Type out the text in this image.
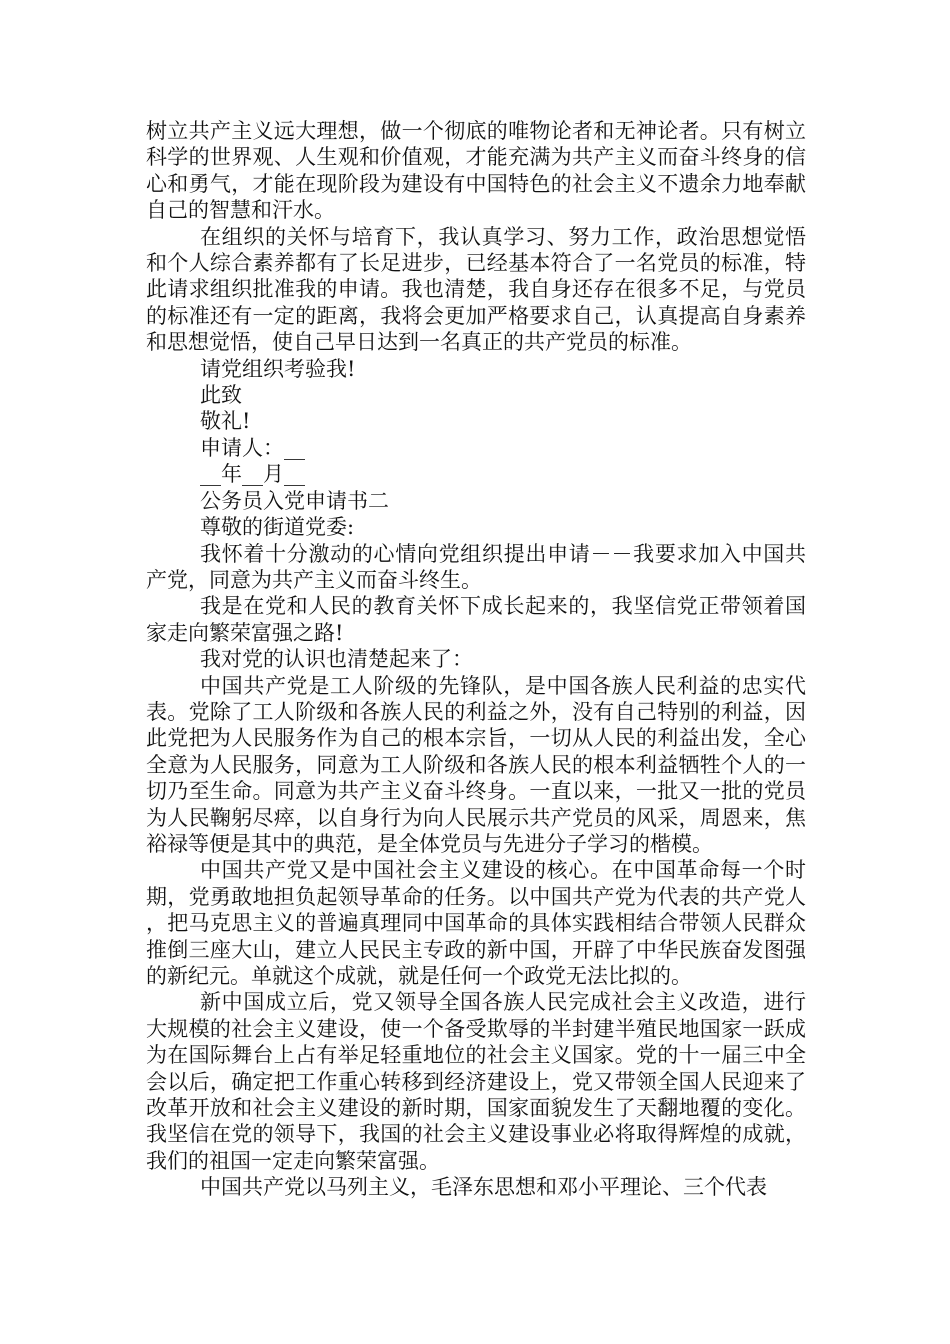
树立共产主义远大理想，做一个彻底的唯物论者和无神论者。只有树立科学的世界观、人生观和价值观，才能充满为共产主义而奋斗终身的信心和勇气，才能在现阶段为建设有中国特色的社会主义不遗余力地奉献自己的智慧和汗水。

在组织的关怀与培育下，我认真学习、努力工作，政治思想觉悟和个人综合素养都有了长足进步，已经基本符合了一名党员的标准，特此请求组织批准我的申请。我也清楚，我自身还存在很多不足，与党员的标准还有一定的距离，我将会更加严格要求自己，认真提高自身素养和思想觉悟，使自己早日达到一名真正的共产党员的标准。

请党组织考验我!

此致

敬礼!

申请人：__

__年__月__

公务员入党申请书二

尊敬的街道党委:

我怀着十分激动的心情向党组织提出申请－－我要求加入中国共产党，同意为共产主义而奋斗终生。

我是在党和人民的教育关怀下成长起来的，我坚信党正带领着国家走向繁荣富强之路!

我对党的认识也清楚起来了：

中国共产党是工人阶级的先锋队，是中国各族人民利益的忠实代表。党除了工人阶级和各族人民的利益之外，没有自己特别的利益，因此党把为人民服务作为自己的根本宗旨，一切从人民的利益出发，全心全意为人民服务，同意为工人阶级和各族人民的根本利益牺牲个人的一切乃至生命。同意为共产主义奋斗终身。一直以来，一批又一批的党员为人民鞠躬尽瘁，以自身行为向人民展示共产党员的风采，周恩来，焦裕禄等便是其中的典范，是全体党员与先进分子学习的楷模。

中国共产党又是中国社会主义建设的核心。在中国革命每一个时期，党勇敢地担负起领导革命的任务。以中国共产党为代表的共产党人，把马克思主义的普遍真理同中国革命的具体实践相结合带领人民群众推倒三座大山，建立人民民主专政的新中国，开辟了中华民族奋发图强的新纪元。单就这个成就，就是任何一个政党无法比拟的。

新中国成立后，党又领导全国各族人民完成社会主义改造，进行大规模的社会主义建设，使一个备受欺辱的半封建半殖民地国家一跃成为在国际舞台上占有举足轻重地位的社会主义国家。党的十一届三中全会以后，确定把工作重心转移到经济建设上，党又带领全国人民迎来了改革开放和社会主义建设的新时期，国家面貌发生了天翻地覆的变化。我坚信在党的领导下，我国的社会主义建设事业必将取得辉煌的成就，我们的祖国一定走向繁荣富强。

中国共产党以马列主义，毛泽东思想和邓小平理论、三个代表
